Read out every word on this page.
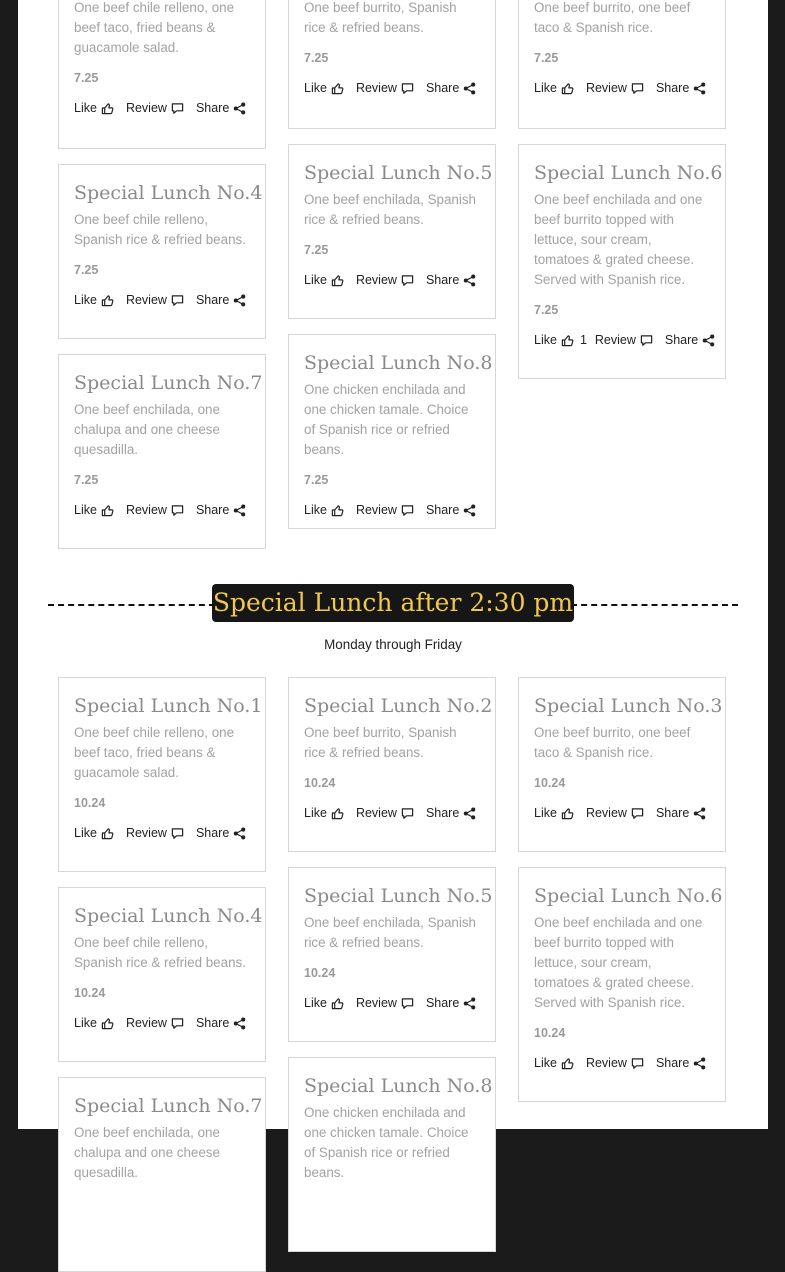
One beef chile relleno, one beef taco, fried beans & guacamole salad.

7.25
Like Review Share

One beef burrito, Spanish rice & refried beans.

7.25
Like Review Share

One beef burrito, one beef taco & Spanish rice.

7.25
Like Review Share
Special Lunch No.4

One beef chile relleno, Spanish rice & refried beans.

7.25
Like Review Share
Special Lunch No.5

One beef enchilada, Spanish rice & refried beans.

7.25
Like Review Share
Special Lunch No.6

One beef enchilada and one beef burrito topped with lettuce, sour cream, tomatoes & grated cheese. Served with Spanish rice.

7.25
Like 1 Review Share
Special Lunch No.7

One beef enchilada, one chalupa and one cheese quesadilla.

7.25
Like Review Share
Special Lunch No.8

One chicken enchilada and one chicken tamale. Choice of Spanish rice or refried beans.

7.25
Like Review Share
Special Lunch after 2:30 pm
Monday through Friday
Special Lunch No.1

One beef chile relleno, one beef taco, fried beans & guacamole salad.

10.24
Like Review Share
Special Lunch No.2

One beef burrito, Spanish rice & refried beans.

10.24
Like Review Share
Special Lunch No.3

One beef burrito, one beef taco & Spanish rice.

10.24
Like Review Share
Special Lunch No.4

One beef chile relleno, Spanish rice & refried beans.

10.24
Like Review Share
Special Lunch No.5

One beef enchilada, Spanish rice & refried beans.

10.24
Like Review Share
Special Lunch No.6

One beef enchilada and one beef burrito topped with lettuce, sour cream, tomatoes & grated cheese. Served with Spanish rice.

10.24
Like Review Share
Special Lunch No.7

One beef enchilada, one chalupa and one cheese quesadilla.

Special Lunch No.8

One chicken enchilada and one chicken tamale. Choice of Spanish rice or refried beans.
